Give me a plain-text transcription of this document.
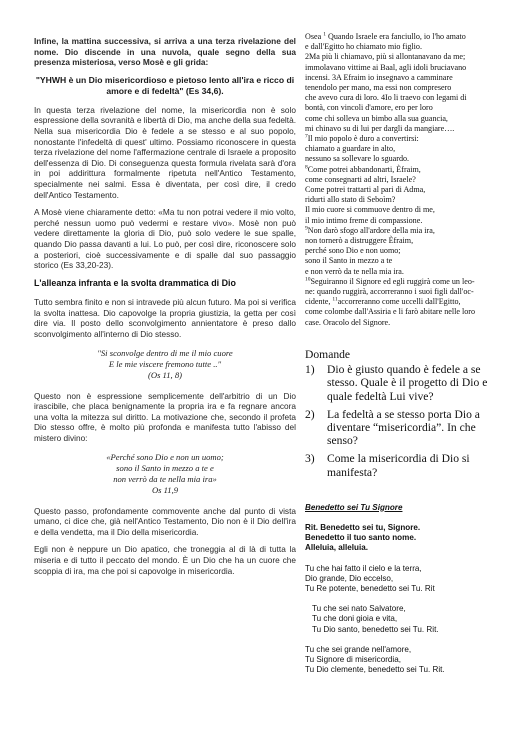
Infine, la mattina successiva, si arriva a una terza rivelazione del nome. Dio discende in una nuvola, quale segno della sua presenza misteriosa, verso Mosè e gli grida:

"YHWH è un Dio misericordioso e pietoso lento all'ira e ricco di amore e di fedeltà" (Es 34,6).

In questa terza rivelazione del nome, la misericordia non è solo espressione della sovranità e libertà di Dio, ma anche della sua fedeltà. Nella sua misericordia Dio è fedele a se stesso e al suo popolo, nonostante l'infedeltà di quest' ultimo. Possiamo riconoscere in questa terza rivelazione del nome l'affermazione centrale di Israele a proposito dell'essenza di Dio. Di conseguenza questa formula rivelata sarà d'ora in poi addirittura formalmente ripetuta nell'Antico Testamento, specialmente nei salmi. Essa è diventata, per così dire, il credo dell'Antico Testamento.

A Mosè viene chiaramente detto: «Ma tu non potrai vedere il mio volto, perché nessun uomo può vedermi e restare vivo». Mosè non può vedere direttamente la gloria di Dio, può solo vedere le sue spalle, quando Dio passa davanti a lui. Lo può, per così dire, riconoscere solo a posteriori, cioè successivamente e di spalle dal suo passaggio storico (Es 33,20-23).

L'alleanza infranta e la svolta drammatica di Dio

Tutto sembra finito e non si intravede più alcun futuro. Ma poi si verifica la svolta inattesa. Dio capovolge la propria giustizia, la getta per così dire via. Il posto dello sconvolgimento annientatore è preso dallo sconvolgimento all'interno di Dio stesso.

"Si sconvolge dentro di me il mio cuore
E le mie viscere fremono tutte .."
(Os 11, 8)

Questo non è espressione semplicemente dell'arbitrio di un Dio irascibile, che placa benignamente la propria ira e fa regnare ancora una volta la mitezza sul diritto. La motivazione che, secondo il profeta Dio stesso offre, è molto più profonda e manifesta tutto l'abisso del mistero divino:

«Perché sono Dio e non un uomo;
sono il Santo in mezzo a te e
non verrò da te nella mia ira»
Os 11,9

Questo passo, profondamente commovente anche dal punto di vista umano, ci dice che, già nell'Antico Testamento, Dio non è il Dio dell'ira e della vendetta, ma il Dio della misericordia.

Egli non è neppure un Dio apatico, che troneggia al di là di tutta la miseria e di tutto il peccato del mondo. È un Dio che ha un cuore che scoppia di ira, ma che poi si capovolge in misericordia.

Osea $^1$ Quando Israele era fanciullo, io l'ho amato
e dall'Egitto ho chiamato mio figlio.
2Ma più li chiamavo, più si allontanavano da me;
immolavano vittime ai Baal, agli idoli bruciavano
incensi. 3A Efraim io insegnavo a camminare
tenendolo per mano, ma essi non compresero
che avevo cura di loro. 4Io li traevo con legami di
bontà, con vincoli d'amore, ero per loro
come chi solleva un bimbo alla sua guancia,
mi chinavo su di lui per dargli da mangiare….
$^7$Il mio popolo è duro a convertirsi:
chiamato a guardare in alto,
nessuno sa sollevare lo sguardo.
$^8$Come potrei abbandonarti, Èfraim,
come consegnarti ad altri, Israele?
Come potrei trattarti al pari di Adma,
ridurti allo stato di Seboìm?
Il mio cuore si commuove dentro di me,
il mio intimo freme di compassione.
$^9$Non darò sfogo all'ardore della mia ira,
non tornerò a distruggere Èfraim,
perché sono Dio e non uomo;
sono il Santo in mezzo a te
e non verrò da te nella mia ira.
$^{10}$Seguiranno il Signore ed egli ruggirà come un leo-
ne: quando ruggirà, accorreranno i suoi figli dall'oc-
cidente, $^{11}$accorreranno come uccelli dall'Egitto,
come colombe dall'Assiria e li farò abitare nelle loro
case. Oracolo del Signore.
Domande
1)	Dio è giusto quando è fedele a se stesso. Quale è il progetto di Dio e quale fedeltà Lui vive?
2)	La fedeltà a se stesso porta Dio a diventare “misericordia”. In che senso?
3)	Come la misericordia di Dio si manifesta?
Benedetto sei Tu Signore
Rit. Benedetto sei tu, Signore.
Benedetto il tuo santo nome.
Alleluia, alleluia.
Tu che hai fatto il cielo e la terra,
Dio grande, Dio eccelso,
Tu Re potente, benedetto sei Tu. Rit
Tu che sei nato Salvatore,
Tu che doni gioia e vita,
Tu Dio santo, benedetto sei Tu. Rit.
Tu che sei grande nell'amore,
Tu Signore di misericordia,
Tu Dio clemente, benedetto sei Tu. Rit.
